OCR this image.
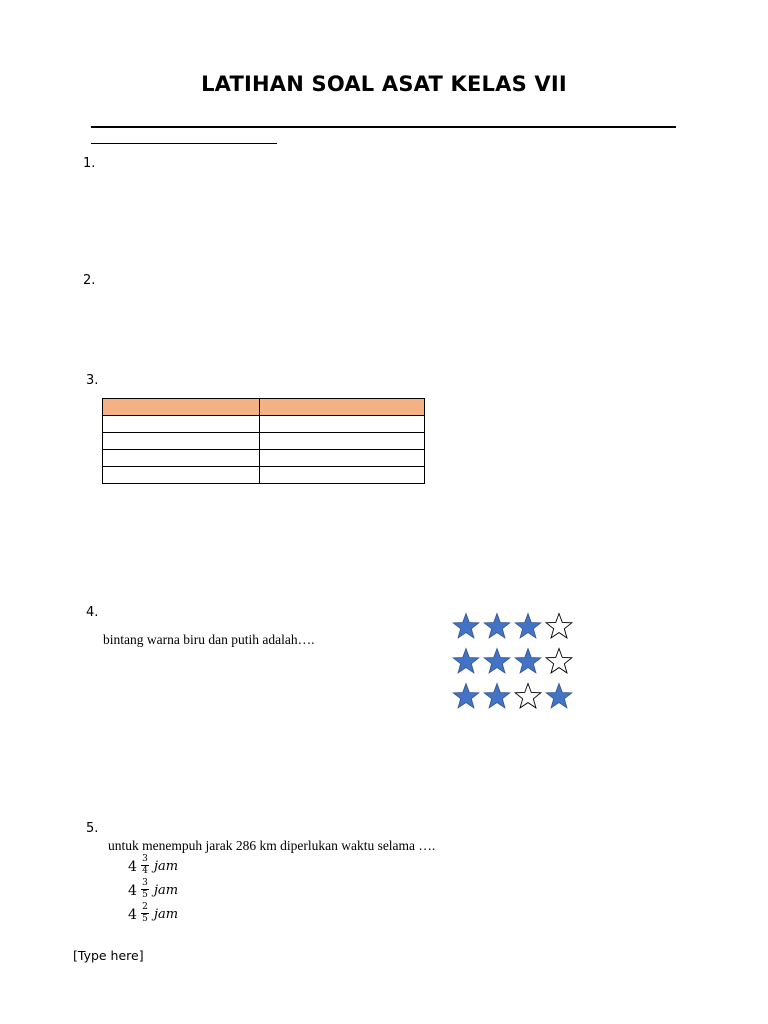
LATIHAN SOAL ASAT KELAS VII
1.
2.
3.

4.
bintang warna biru dan putih adalah….
5.
untuk menempuh jarak 286 km diperlukan waktu selama ….
4 3
4 jam
4 3
5 jam
4 2
5 jam
[Type here]
